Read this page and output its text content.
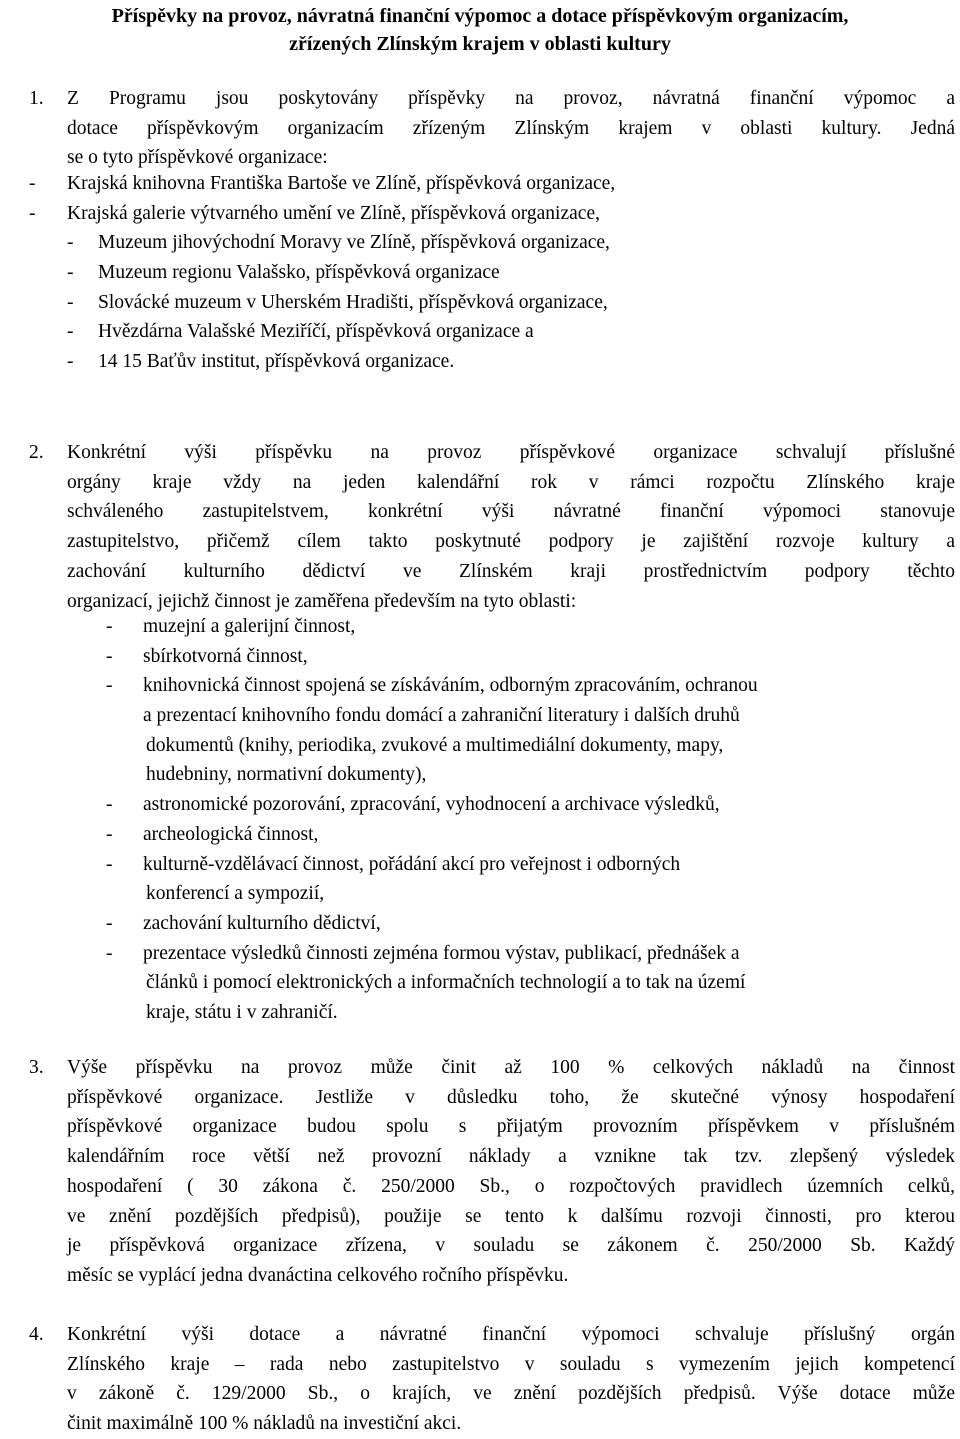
Příspěvky na provoz, návratná finanční výpomoc a dotace příspěvkovým organizacím,
zřízených Zlínským krajem v oblasti kultury
1. Z Programu jsou poskytovány příspěvky na provoz, návratná finanční výpomoc a
dotace příspěvkovým organizacím zřízeným Zlínským krajem v oblasti kultury. Jedná
se o tyto příspěvkové organizace:
- Krajská knihovna Františka Bartoše ve Zlíně, příspěvková organizace,
- Krajská galerie výtvarného umění ve Zlíně, příspěvková organizace,
- Muzeum jihovýchodní Moravy ve Zlíně, příspěvková organizace,
- Muzeum regionu Valašsko, příspěvková organizace
- Slovácké muzeum v Uherském Hradišti, příspěvková organizace,
- Hvězdárna Valašské Meziříčí, příspěvková organizace a
- 14 15 Baťův institut, příspěvková organizace.
2. Konkrétní výši příspěvku na provoz příspěvkové organizace schvalují příslušné
orgány kraje vždy na jeden kalendářní rok v rámci rozpočtu Zlínského kraje
schváleného zastupitelstvem, konkrétní výši návratné finanční výpomoci stanovuje
zastupitelstvo, přičemž cílem takto poskytnuté podpory je zajištění rozvoje kultury a
zachování kulturního dědictví ve Zlínském kraji prostřednictvím podpory těchto
organizací, jejichž činnost je zaměřena především na tyto oblasti:
- muzejní a galerijní činnost,
- sbírkotvorná činnost,
- knihovnická činnost spojená se získáváním, odborným zpracováním, ochranou
a prezentací knihovního fondu domácí a zahraniční literatury i dalších druhů
dokumentů (knihy, periodika, zvukové a multimediální dokumenty, mapy,
hudebniny, normativní dokumenty),
- astronomické pozorování, zpracování, vyhodnocení a archivace výsledků,
- archeologická činnost,
- kulturně-vzdělávací činnost, pořádání akcí pro veřejnost i odborných
konferencí a sympozií,
- zachování kulturního dědictví,
- prezentace výsledků činnosti zejména formou výstav, publikací, přednášek a
článků i pomocí elektronických a informačních technologií a to tak na území
kraje, státu i v zahraničí.
3. Výše příspěvku na provoz může činit až 100 % celkových nákladů na činnost
příspěvkové organizace. Jestliže v důsledku toho, že skutečné výnosy hospodaření
příspěvkové organizace budou spolu s přijatým provozním příspěvkem v příslušném
kalendářním roce větší než provozní náklady a vznikne tak tzv. zlepšený výsledek
hospodaření ( 30 zákona č. 250/2000 Sb., o rozpočtových pravidlech územních celků,
ve znění pozdějších předpisů), použije se tento k dalšímu rozvoji činnosti, pro kterou
je příspěvková organizace zřízena, v souladu se zákonem č. 250/2000 Sb. Každý
měsíc se vyplácí jedna dvanáctina celkového ročního příspěvku.
4. Konkrétní výši dotace a návratné finanční výpomoci schvaluje příslušný orgán
Zlínského kraje – rada nebo zastupitelstvo v souladu s vymezením jejich kompetencí
v zákoně č. 129/2000 Sb., o krajích, ve znění pozdějších předpisů. Výše dotace může
činit maximálně 100 % nákladů na investiční akci.
